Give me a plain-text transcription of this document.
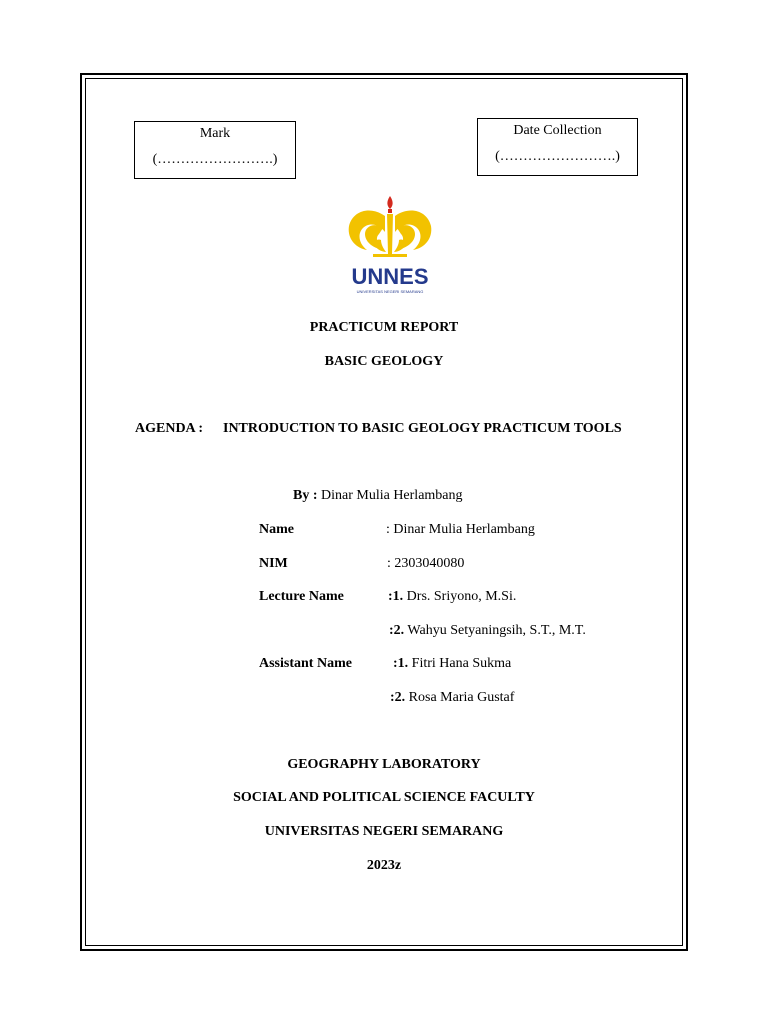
Mark
(…………………….)
Date Collection
(…………………….)
UNNES
UNIVERSITAS NEGERI SEMARANG
PRACTICUM REPORT
BASIC GEOLOGY
AGENDA : INTRODUCTION TO BASIC GEOLOGY PRACTICUM TOOLS
By : Dinar Mulia Herlambang
Name	: Dinar Mulia Herlambang
NIM	: 2303040080
Lecture Name	:1. Drs. Sriyono, M.Si.
:2. Wahyu Setyaningsih, S.T., M.T.
Assistant Name	:1. Fitri Hana Sukma
:2. Rosa Maria Gustaf
GEOGRAPHY LABORATORY
SOCIAL AND POLITICAL SCIENCE FACULTY
UNIVERSITAS NEGERI SEMARANG
2023z
